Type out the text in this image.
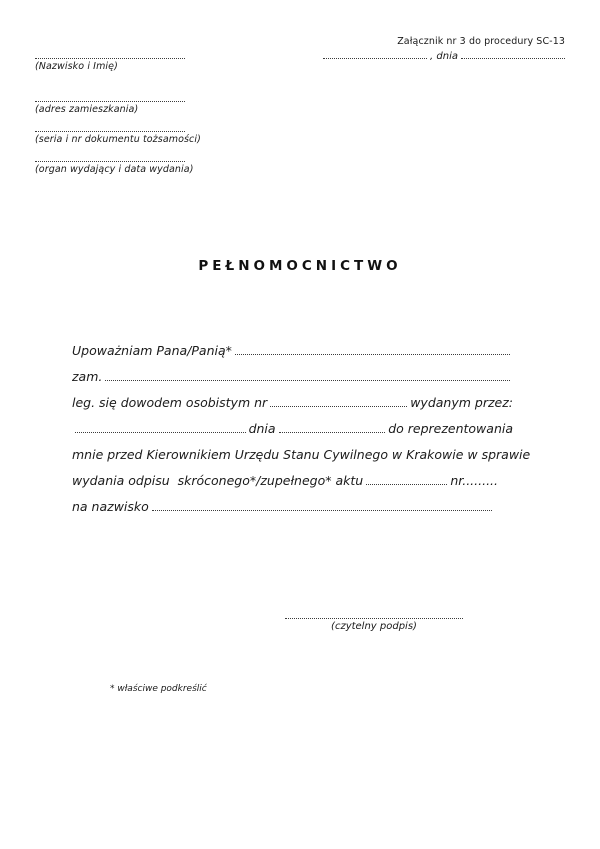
Załącznik nr 3 do procedury SC-13
, dnia
(Nazwisko i Imię)
(adres zamieszkania)
(seria i nr dokumentu tożsamości)
(organ wydający i data wydania)
PEŁNOMOCNICTWO
Upoważniam Pana/Panią*
zam.
leg. się dowodem osobistym nr	wydanym przez:
dnia	do reprezentowania
mnie przed Kierownikiem Urzędu Stanu Cywilnego w Krakowie w sprawie
wydania odpisu  skróconego*/zupełnego* aktu	nr.........
na nazwisko
(czytelny podpis)
* właściwe podkreślić
